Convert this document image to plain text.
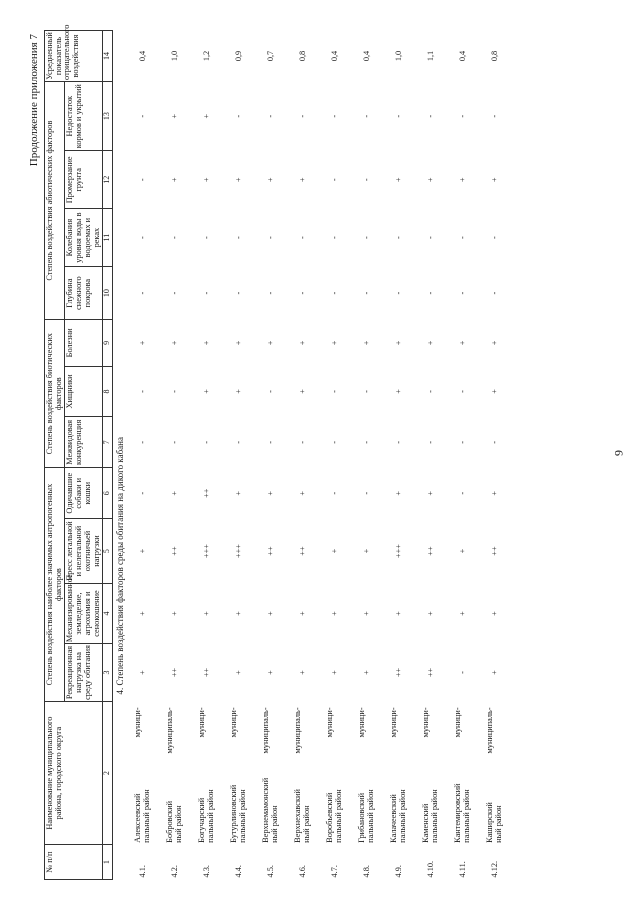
9
Продолжение приложения 7
№ п/п	Наименование муниципального района, городского округа	Степень воздействия наиболее значимых антропогенных факторов				Степень воздействия биотических факторов			Степень воздействия абиотических факторов				Усредненный показатель отрицательного воздействия
		Рекреационная нагрузка на среду обитания	Механизированное земледелие, агрохимия и сенокошение	Пресс легальной и нелегальной охотничьей нагрузки	Одичавшие собаки и кошки	Межвидовая конкуренция	Хищники	Болезни	Глубина снежного покрова	Колебания уровня воды в водоемах и реках	Промерзание грунта	Недостаток кормов и укрытий	
1	2	3	4	5	6	7	8	9	10	11	12	13	14
4. Степень воздействия факторов среды обитания на дикого кабана													
4.1.	Алексеевский
муници-
пальный район	+	+	+	-	-	-	+	-	-	-	-	0,4
4.2.	Бобровский
муниципаль-
ный район	++	+	++	+	-	-	+	-	-	+	+	1,0
4.3.	Богучарский
муници-
пальный район	++	+	+++	++	-	+	+	-	-	+	+	1,2
4.4.	Бутурлиновский
муници-
пальный район	+	+	+++	+	-	+	+	-	-	+	-	0,9
4.5.	Верхнемамонский
муниципаль-
ный район	+	+	++	+	-	-	+	-	-	+	-	0,7
4.6.	Верхнехавский
муниципаль-
ный район	+	+	++	+	-	+	+	-	-	+	-	0,8
4.7.	Воробьевский
муници-
пальный район	+	+	+	-	-	-	+	-	-	-	-	0,4
4.8.	Грибановский
муници-
пальный район	+	+	+	-	-	-	+	-	-	-	-	0,4
4.9.	Калачеевский
муници-
пальный район	++	+	+++	+	-	+	+	-	-	+	-	1,0
4.10.	Каменский
муници-
пальный район	++	+	++	+	-	-	+	-	-	+	-	1,1
4.11.	Кантемировский
муници-
пальный район	-	+	+	-	-	-	+	-	-	+	-	0,4
4.12.	Каширский
муниципаль-
ный район	+	+	++	+	-	+	+	-	-	+	-	0,8
